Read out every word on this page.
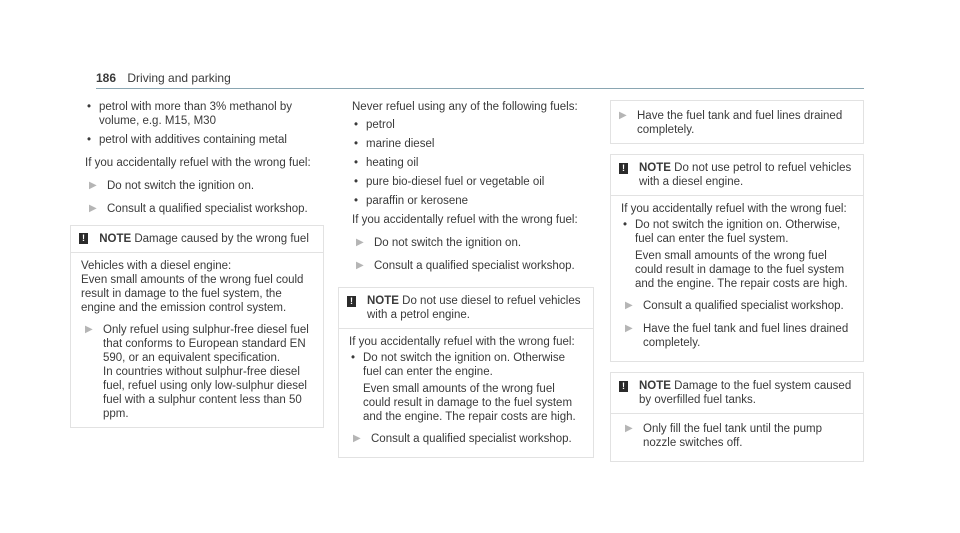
186 Driving and parking
• petrol with more than 3% methanol by volume, e.g. M15, M30
• petrol with additives containing metal

If you accidentally refuel with the wrong fuel:

▶ Do not switch the ignition on.
▶ Consult a qualified specialist workshop.
! NOTE Damage caused by the wrong fuel

Vehicles with a diesel engine:

Even small amounts of the wrong fuel could result in damage to the fuel system, the engine and the emission control system.

▶ Only refuel using sulphur-free diesel fuel that conforms to European standard EN 590, or an equivalent specification.
In countries without sulphur-free diesel fuel, refuel using only low-sulphur diesel fuel with a sulphur content less than 50 ppm.

Never refuel using any of the following fuels:

• petrol
• marine diesel
• heating oil
• pure bio-diesel fuel or vegetable oil
• paraffin or kerosene

If you accidentally refuel with the wrong fuel:

▶ Do not switch the ignition on.
▶ Consult a qualified specialist workshop.
! NOTE Do not use diesel to refuel vehicles with a petrol engine.

If you accidentally refuel with the wrong fuel:

• Do not switch the ignition on. Otherwise fuel can enter the engine.
Even small amounts of the wrong fuel could result in damage to the fuel system and the engine. The repair costs are high.
▶ Consult a qualified specialist workshop.
▶ Have the fuel tank and fuel lines drained completely.
! NOTE Do not use petrol to refuel vehicles with a diesel engine.

If you accidentally refuel with the wrong fuel:

• Do not switch the ignition on. Otherwise, fuel can enter the fuel system.
Even small amounts of the wrong fuel could result in damage to the fuel system and the engine. The repair costs are high.
▶ Consult a qualified specialist workshop.
▶ Have the fuel tank and fuel lines drained completely.
! NOTE Damage to the fuel system caused by overfilled fuel tanks.
▶ Only fill the fuel tank until the pump nozzle switches off.
